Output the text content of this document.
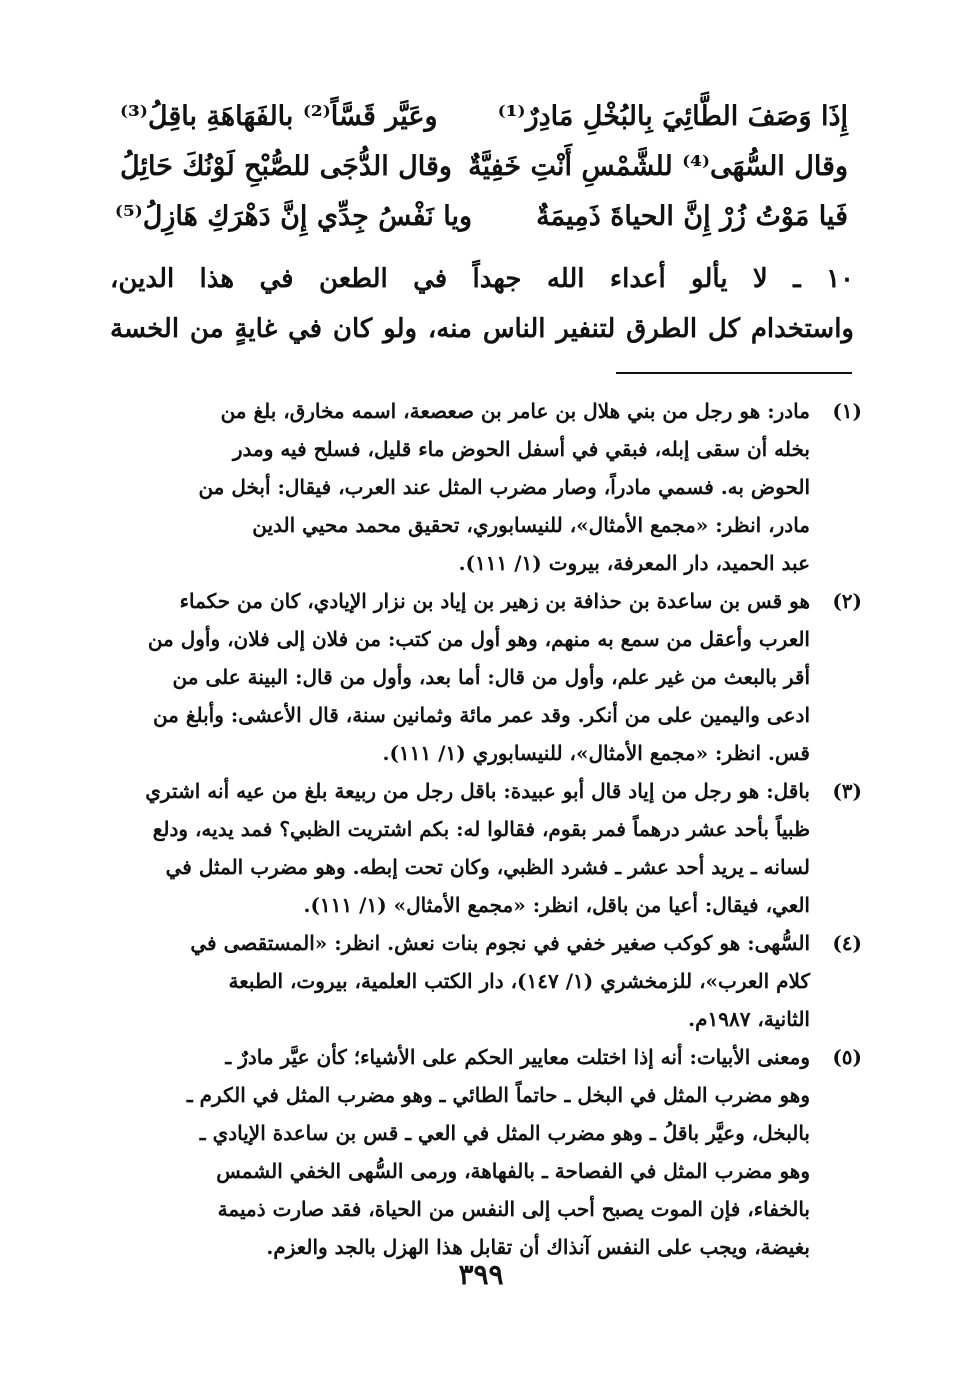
إِذَا وَصَفَ الطَّائِيَ بِالبُخْلِ مَادِرٌ⁽¹⁾
وعَيَّر قَسَّاً⁽²⁾ بالفَهَاهَةِ باقِلُ⁽³⁾
وقال السُّهَى⁽⁴⁾ للشَّمْسِ أَنْتِ خَفِيَّةٌ
وقال الدُّجَى للصُّبْحِ لَوْنُكَ حَائِلُ
فَيا مَوْتُ زُرْ إِنَّ الحياةَ ذَمِيمَةٌ
ويا نَفْسُ جِدِّي إِنَّ دَهْرَكِ هَازِلُ⁽⁵⁾

١٠ ـ لا يألو أعداء الله جهداً في الطعن في هذا الدين،

واستخدام كل الطرق لتنفير الناس منه، ولو كان في غايةٍ من الخسة

(١)
مادر: هو رجل من بني هلال بن عامر بن صعصعة، اسمه مخارق، بلغ من
بخله أن سقى إبله، فبقي في أسفل الحوض ماء قليل، فسلح فيه ومدر
الحوض به. فسمي مادراً، وصار مضرب المثل عند العرب، فيقال: أبخل من
مادر، انظر: «مجمع الأمثال»، للنيسابوري، تحقيق محمد محيي الدين
عبد الحميد، دار المعرفة، بيروت (١/ ١١١).
(٢)
هو قس بن ساعدة بن حذافة بن زهير بن إياد بن نزار الإيادي، كان من حكماء
العرب وأعقل من سمع به منهم، وهو أول من كتب: من فلان إلى فلان، وأول من
أقر بالبعث من غير علم، وأول من قال: أما بعد، وأول من قال: البينة على من
ادعى واليمين على من أنكر. وقد عمر مائة وثمانين سنة، قال الأعشى: وأبلغ من
قس. انظر: «مجمع الأمثال»، للنيسابوري (١/ ١١١).
(٣)
باقل: هو رجل من إياد قال أبو عبيدة: باقل رجل من ربيعة بلغ من عيه أنه اشتري
ظبياً بأحد عشر درهماً فمر بقوم، فقالوا له: بكم اشتريت الظبي؟ فمد يديه، ودلع
لسانه ـ يريد أحد عشر ـ فشرد الظبي، وكان تحت إبطه. وهو مضرب المثل في
العي، فيقال: أعيا من باقل، انظر: «مجمع الأمثال» (١/ ١١١).
(٤)
السُّهى: هو كوكب صغير خفي في نجوم بنات نعش. انظر: «المستقصى في
كلام العرب»، للزمخشري (١/ ١٤٧)، دار الكتب العلمية، بيروت، الطبعة
الثانية، ١٩٨٧م.
(٥)
ومعنى الأبيات: أنه إذا اختلت معايير الحكم على الأشياء؛ كأن عيَّر مادرٌ ـ
وهو مضرب المثل في البخل ـ حاتماً الطائي ـ وهو مضرب المثل في الكرم ـ
بالبخل، وعيَّر باقلُ ـ وهو مضرب المثل في العي ـ قس بن ساعدة الإيادي ـ
وهو مضرب المثل في الفصاحة ـ بالفهاهة، ورمى السُّهى الخفي الشمس
بالخفاء، فإن الموت يصبح أحب إلى النفس من الحياة، فقد صارت ذميمة
بغيضة، ويجب على النفس آنذاك أن تقابل هذا الهزل بالجد والعزم.
٣٩٩
